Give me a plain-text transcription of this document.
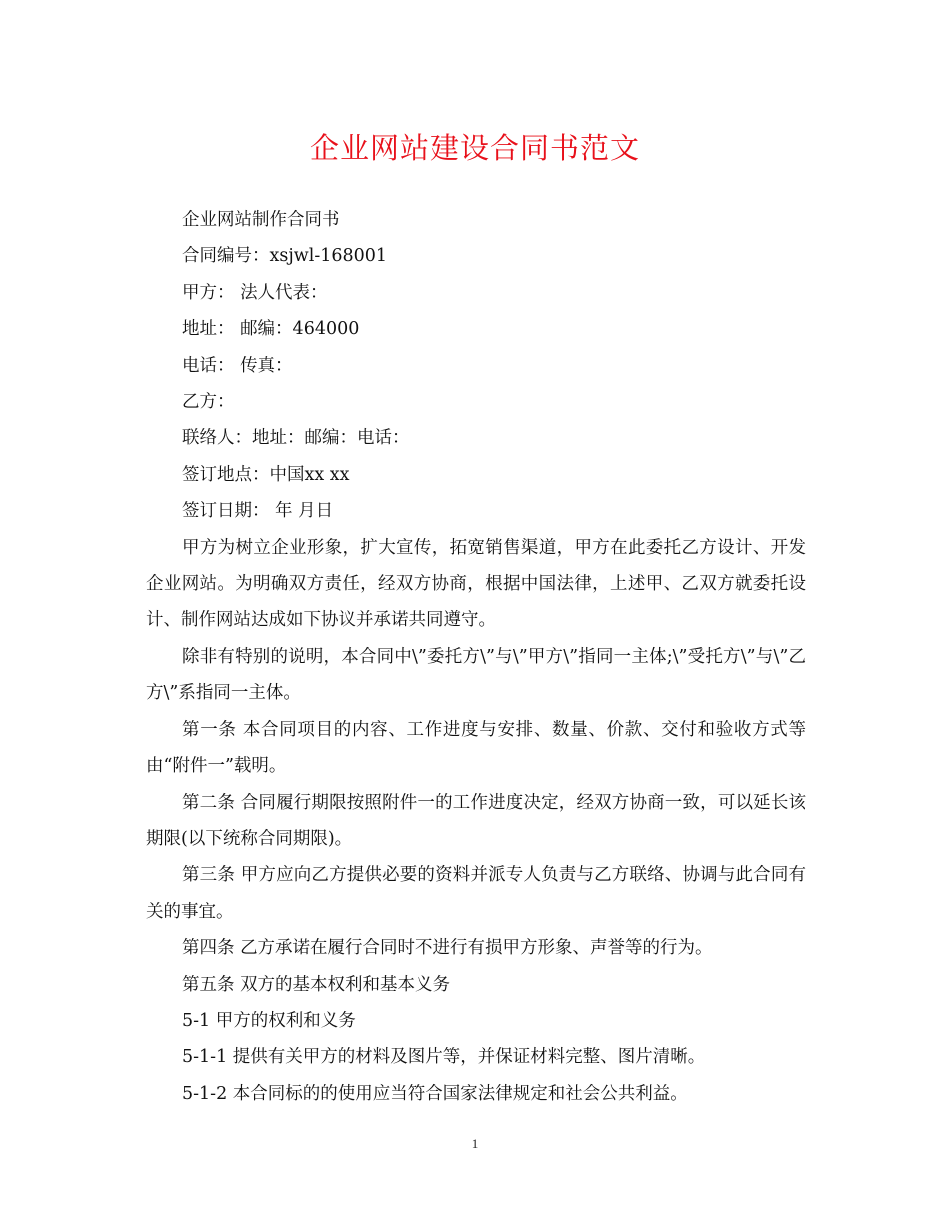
企业网站建设合同书范文

企业网站制作合同书

合同编号：xsjwl-168001

甲方： 法人代表：

地址： 邮编：464000

电话： 传真：

乙方：

联络人：地址：邮编：电话：

签订地点：中国xx xx

签订日期： 年 月日

甲方为树立企业形象，扩大宣传，拓宽销售渠道，甲方在此委托乙方设计、开发企业网站。为明确双方责任，经双方协商，根据中国法律，上述甲、乙双方就委托设计、制作网站达成如下协议并承诺共同遵守。

除非有特别的说明，本合同中\”委托方\”与\”甲方\”指同一主体;\”受托方\”与\”乙方\”系指同一主体。

第一条 本合同项目的内容、工作进度与安排、数量、价款、交付和验收方式等由“附件一”载明。

第二条 合同履行期限按照附件一的工作进度决定，经双方协商一致，可以延长该期限(以下统称合同期限)。

第三条 甲方应向乙方提供必要的资料并派专人负责与乙方联络、协调与此合同有关的事宜。

第四条 乙方承诺在履行合同时不进行有损甲方形象、声誉等的行为。

第五条 双方的基本权利和基本义务

5-1 甲方的权利和义务

5-1-1 提供有关甲方的材料及图片等，并保证材料完整、图片清晰。

5-1-2 本合同标的的使用应当符合国家法律规定和社会公共利益。

1
